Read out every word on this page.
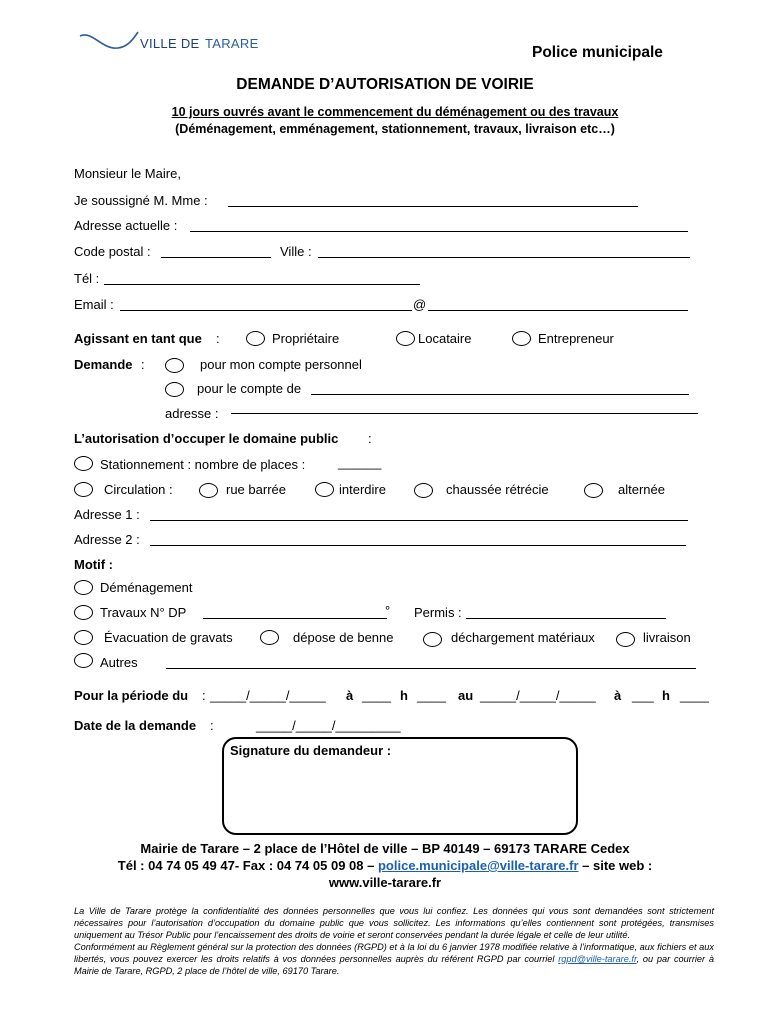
VILLE DE TARARE
Police municipale
DEMANDE D’AUTORISATION DE VOIRIE
10 jours ouvrés avant le commencement du déménagement ou des travaux
(Déménagement, emménagement, stationnement, travaux, livraison etc…)
Monsieur le Maire,
Je soussigné M. Mme :
Adresse actuelle :
Code postal :	Ville :
Tél :
Email :	@
Agissant en tant que :	Propriétaire	Locataire	Entrepreneur
Demande :	pour mon compte personnel
pour le compte de
adresse :
L’autorisation d’occuper le domaine public :
Stationnement : nombre de places :	______
Circulation :	rue barrée	interdire	chaussée rétrécie	alternée
Adresse 1 :
Adresse 2 :
Motif :
Déménagement
Travaux N° DP	° Permis :
Évacuation de gravats	dépose de benne	déchargement matériaux	livraison
Autres
Pour la période du : _____/_____/_____ à ____ h ____ au _____/_____/_____ à ___ h ____
Date de la demande :	_____/_____/_________
Signature du demandeur :
Mairie de Tarare – 2 place de l’Hôtel de ville – BP 40149 – 69173 TARARE Cedex
Tél : 04 74 05 49 47- Fax : 04 74 05 09 08 – police.municipale@ville-tarare.fr – site web :
www.ville-tarare.fr
La Ville de Tarare protège la confidentialité des données personnelles que vous lui confiez. Les données qui vous sont demandées sont strictement nécessaires pour l’autorisation d’occupation du domaine public que vous sollicitez. Les informations qu’elles contiennent sont protégées, transmises uniquement au Trésor Public pour l’encaissement des droits de voirie et seront conservées pendant la durée légale et celle de leur utilité.
Conformément au Règlement général sur la protection des données (RGPD) et à la loi du 6 janvier 1978 modifiée relative à l’informatique, aux fichiers et aux libertés, vous pouvez exercer les droits relatifs à vos données personnelles auprès du référent RGPD par courriel rgpd@ville-tarare.fr, ou par courrier à Mairie de Tarare, RGPD, 2 place de l’hôtel de ville, 69170 Tarare.
